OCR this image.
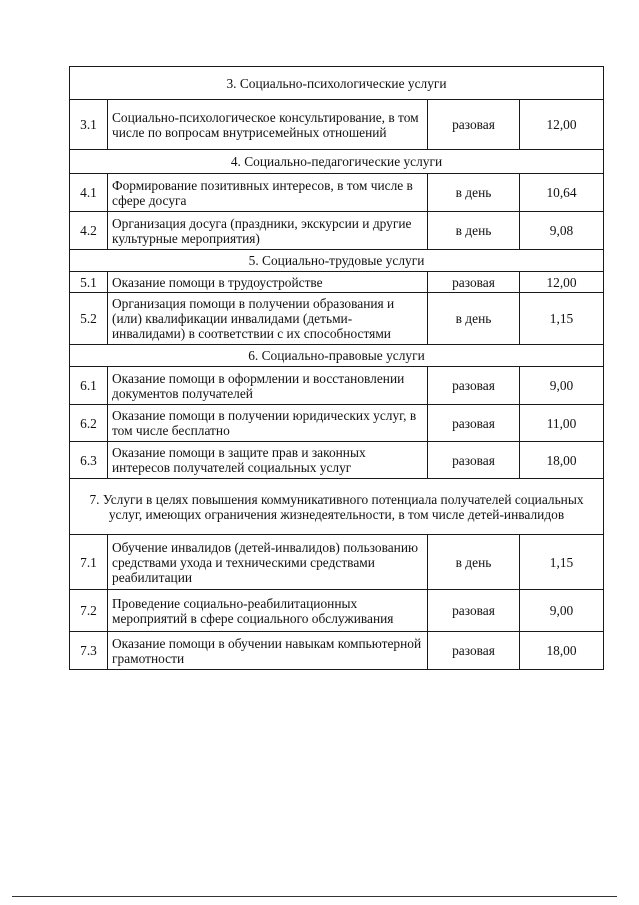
3. Социально-психологические услуги			
3.1	Социально-психологическое консультирование, в том числе по вопросам внутрисемейных отношений	разовая	12,00
4. Социально-педагогические услуги			
4.1	Формирование позитивных интересов, в том числе в сфере досуга	в день	10,64
4.2	Организация досуга (праздники, экскурсии и другие культурные мероприятия)	в день	9,08
5. Социально-трудовые услуги			
5.1	Оказание помощи в трудоустройстве	разовая	12,00
5.2	Организация помощи в получении образования и (или) квалификации инвалидами (детьми-инвалидами) в соответствии с их способностями	в день	1,15
6. Социально-правовые услуги			
6.1	Оказание помощи в оформлении и восстановлении документов получателей	разовая	9,00
6.2	Оказание помощи в получении юридических услуг, в том числе бесплатно	разовая	11,00
6.3	Оказание помощи в защите прав и законных интересов получателей социальных услуг	разовая	18,00
7. Услуги в целях повышения коммуникативного потенциала получателей социальных услуг, имеющих ограничения жизнедеятельности, в том числе детей-инвалидов			
7.1	Обучение инвалидов (детей-инвалидов) пользованию средствами ухода и техническими средствами реабилитации	в день	1,15
7.2	Проведение социально-реабилитационных мероприятий в сфере социального обслуживания	разовая	9,00
7.3	Оказание помощи в обучении навыкам компьютерной грамотности	разовая	18,00
